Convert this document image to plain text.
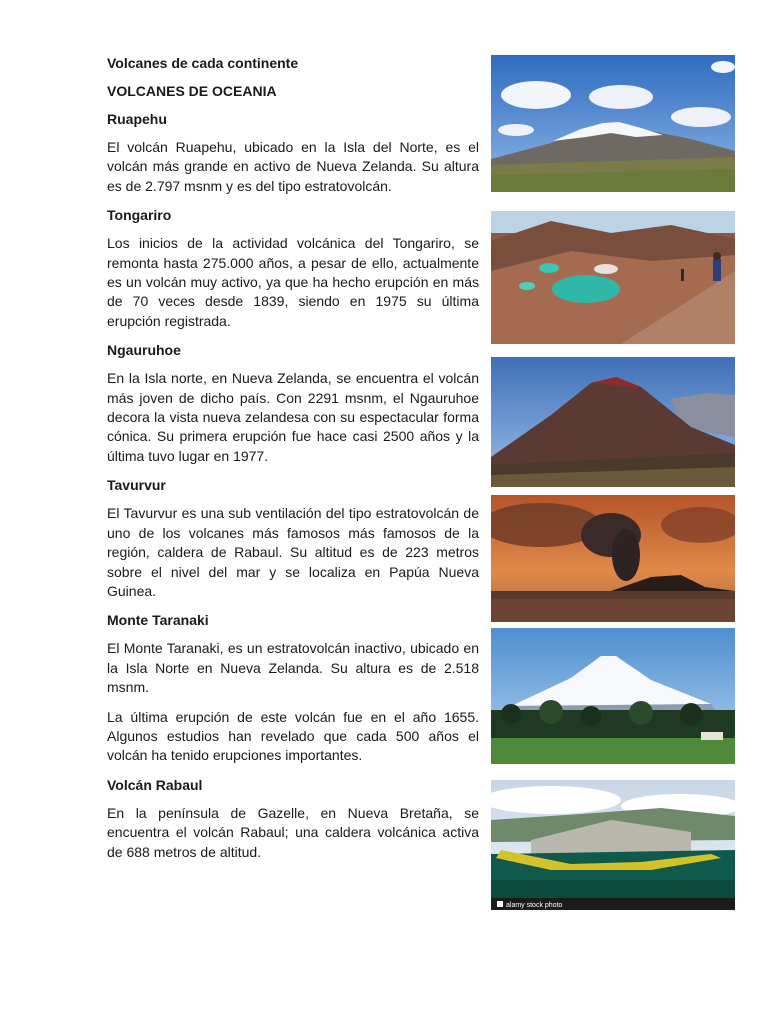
Volcanes de cada continente
VOLCANES DE OCEANIA
Ruapehu

El volcán Ruapehu, ubicado en la Isla del Norte, es el volcán más grande en activo de Nueva Zelanda. Su altura es de 2.797 msnm y es del tipo estratovolcán.

Tongariro

Los inicios de la actividad volcánica del Tongariro, se remonta hasta 275.000 años, a pesar de ello, actualmente es un volcán muy activo, ya que ha hecho erupción en más de 70 veces desde 1839, siendo en 1975 su última erupción registrada.

Ngauruhoe

En la Isla norte, en Nueva Zelanda, se encuentra el volcán más joven de dicho país. Con 2291 msnm, el Ngauruhoe decora la vista nueva zelandesa con su espectacular forma cónica. Su primera erupción fue hace casi 2500 años y la última tuvo lugar en 1977.

Tavurvur

El Tavurvur es una sub ventilación del tipo estratovolcán de uno de los volcanes más famosos más famosos de la región, caldera de Rabaul. Su altitud es de 223 metros sobre el nivel del mar y se localiza en Papúa Nueva Guinea.

Monte Taranaki

El Monte Taranaki, es un estratovolcán inactivo, ubicado en la Isla Norte en Nueva Zelanda. Su altura es de 2.518 msnm.

La última erupción de este volcán fue en el año 1655. Algunos estudios han revelado que cada 500 años el volcán ha tenido erupciones importantes.

Volcán Rabaul

En la península de Gazelle, en Nueva Bretaña, se encuentra el volcán Rabaul; una caldera volcánica activa de 688 metros de altitud.

alamy stock photo
